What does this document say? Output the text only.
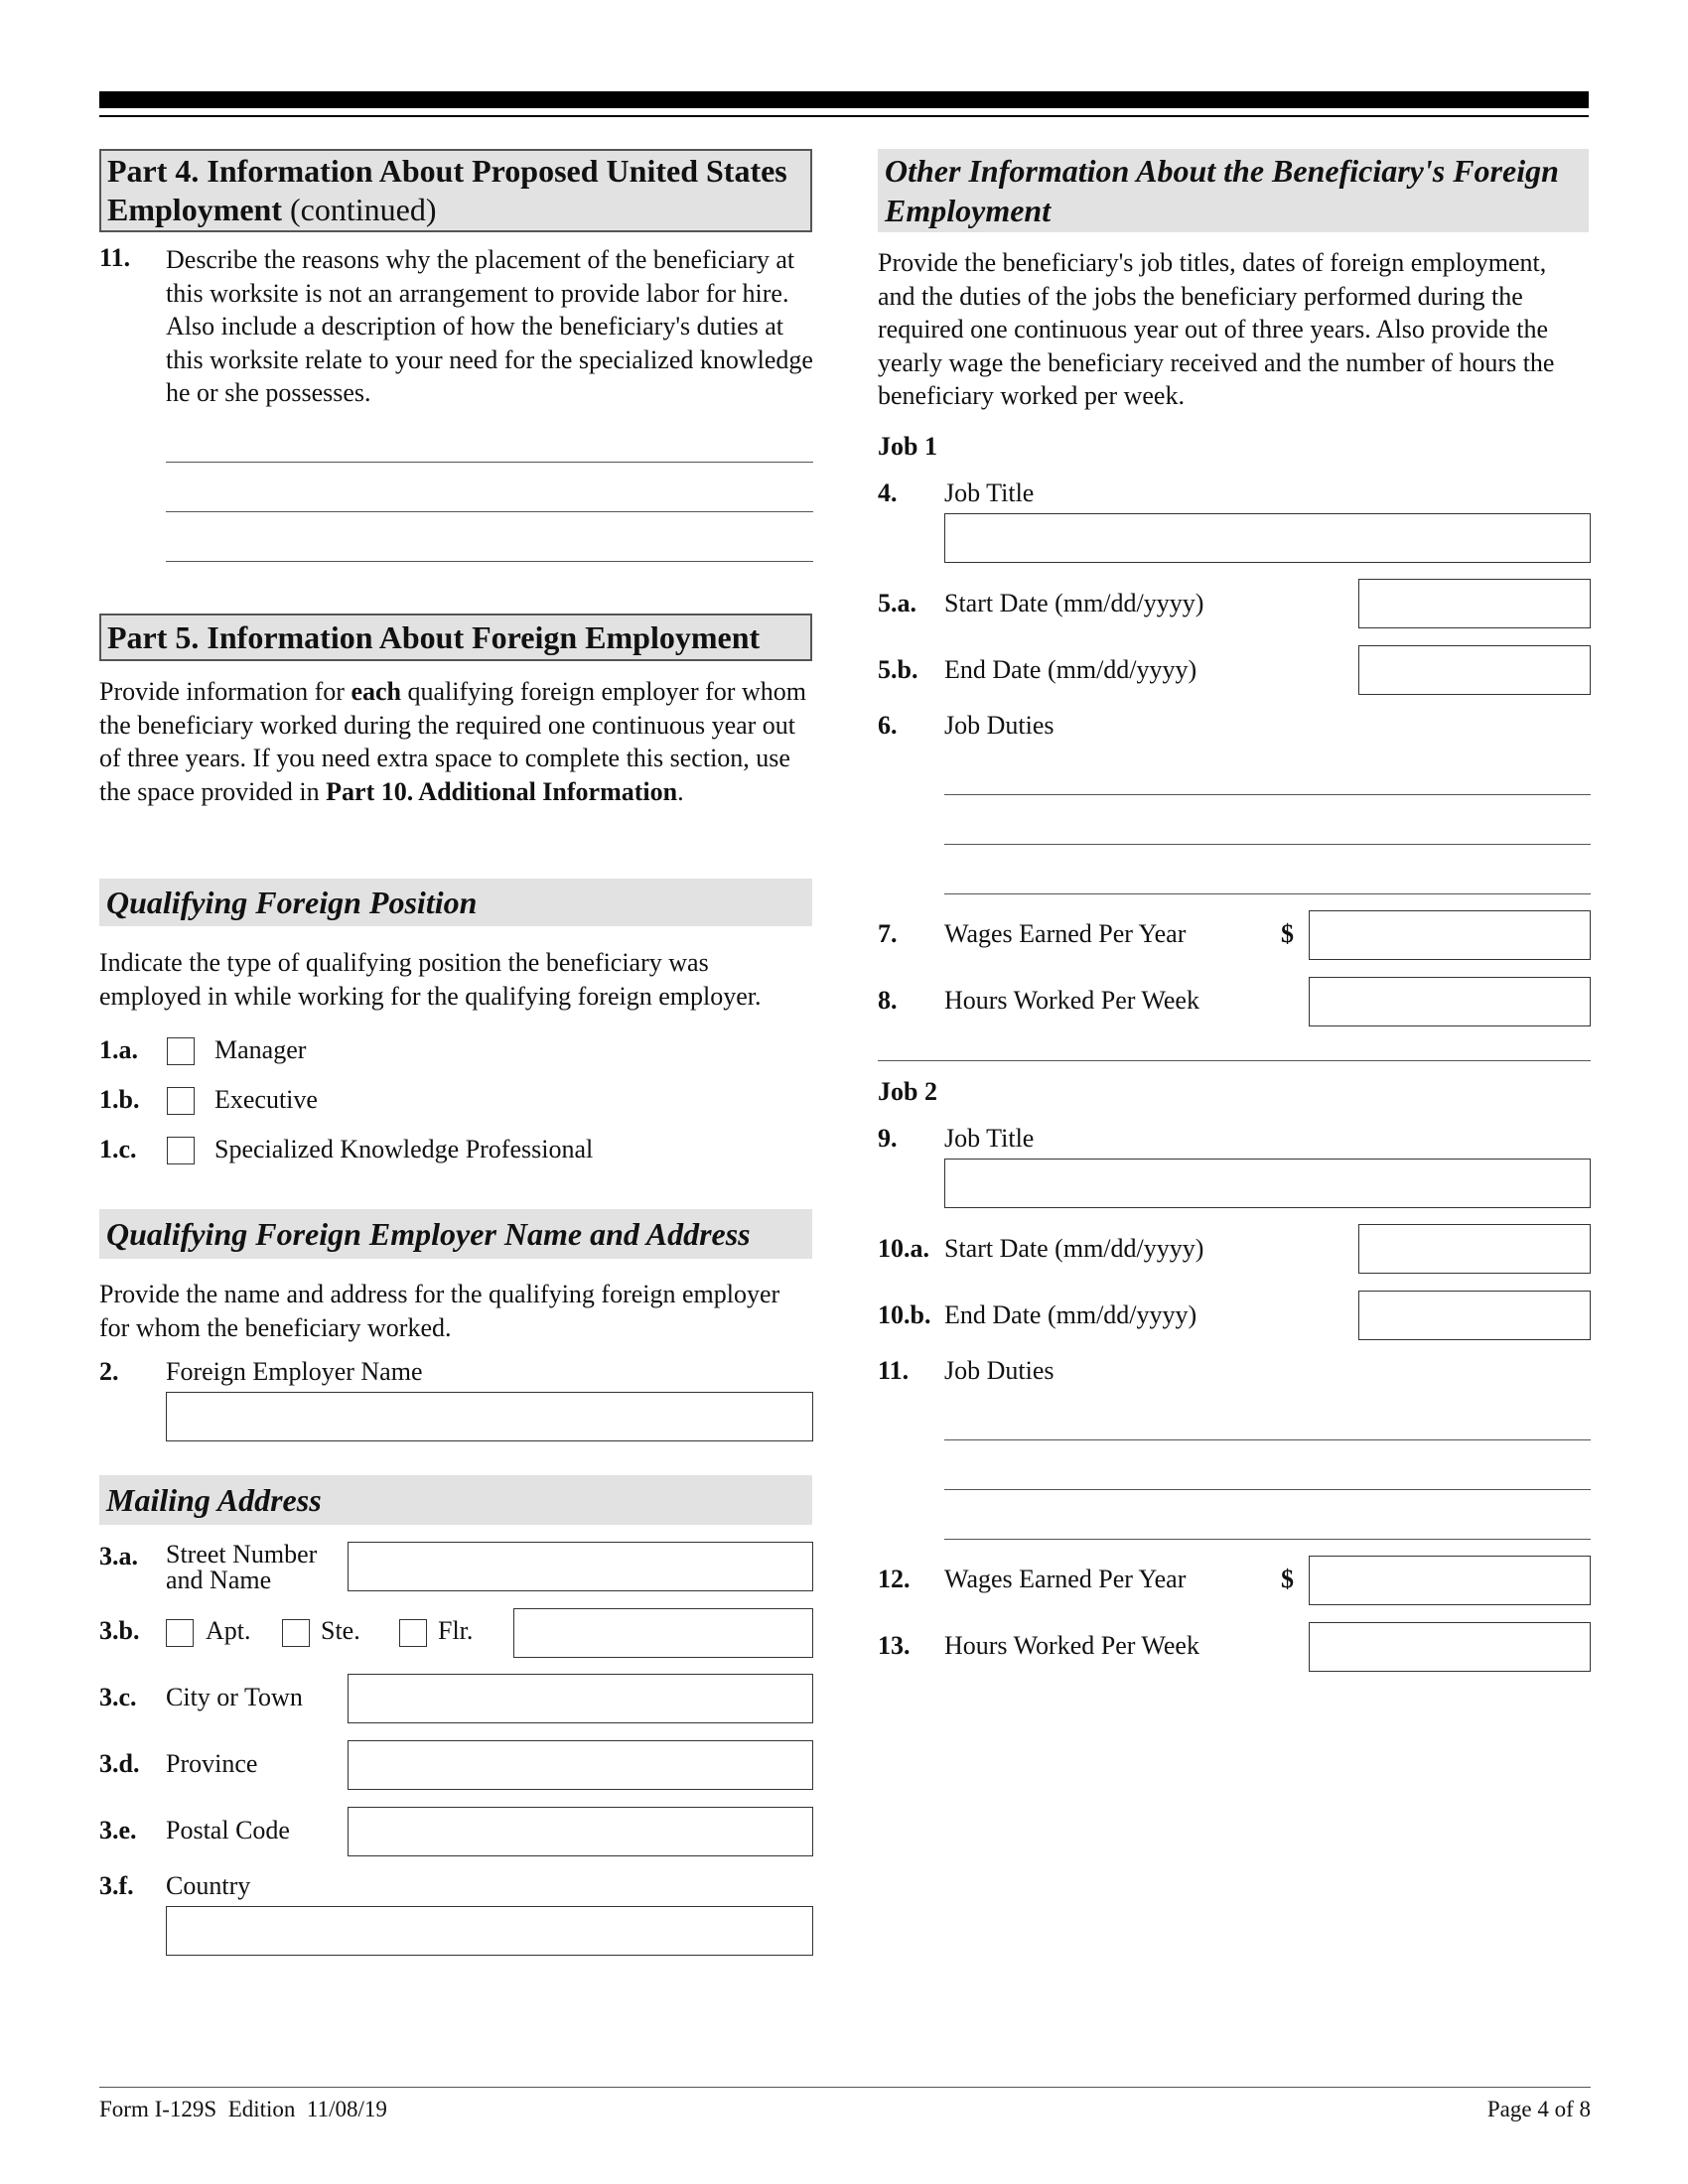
Part 4. Information About Proposed United States Employment (continued)
11. Describe the reasons why the placement of the beneficiary at this worksite is not an arrangement to provide labor for hire. Also include a description of how the beneficiary's duties at this worksite relate to your need for the specialized knowledge he or she possesses.
Part 5. Information About Foreign Employment
Provide information for each qualifying foreign employer for whom the beneficiary worked during the required one continuous year out of three years. If you need extra space to complete this section, use the space provided in Part 10. Additional Information.
Qualifying Foreign Position
Indicate the type of qualifying position the beneficiary was employed in while working for the qualifying foreign employer.
1.a.	Manager
1.b.	Executive
1.c.	Specialized Knowledge Professional
Qualifying Foreign Employer Name and Address
Provide the name and address for the qualifying foreign employer for whom the beneficiary worked.
2. Foreign Employer Name
Mailing Address
3.a. Street Number and Name
3.b.	Apt.	Ste.	Flr.
3.c. City or Town
3.d. Province
3.e. Postal Code
3.f. Country
Other Information About the Beneficiary's Foreign Employment
Provide the beneficiary's job titles, dates of foreign employment, and the duties of the jobs the beneficiary performed during the required one continuous year out of three years. Also provide the yearly wage the beneficiary received and the number of hours the beneficiary worked per week.
Job 1
4. Job Title
5.a. Start Date (mm/dd/yyyy)
5.b. End Date (mm/dd/yyyy)
6. Job Duties
7. Wages Earned Per Year	$
8. Hours Worked Per Week
Job 2
9. Job Title
10.a. Start Date (mm/dd/yyyy)
10.b. End Date (mm/dd/yyyy)
11. Job Duties
12. Wages Earned Per Year	$
13. Hours Worked Per Week
Form I-129S  Edition  11/08/19	Page 4 of 8
